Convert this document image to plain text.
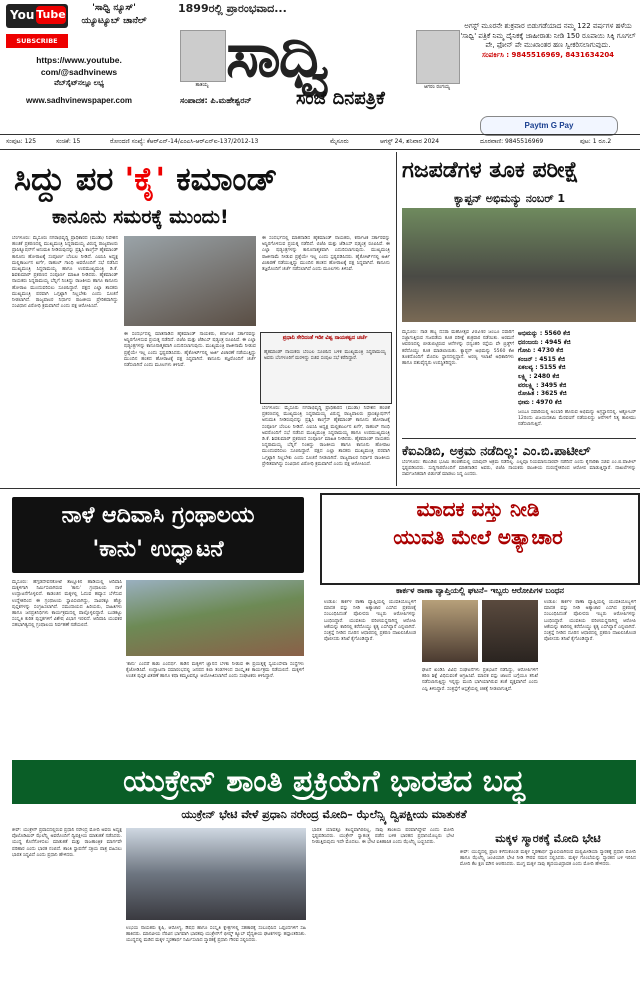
You Tube	'ಸಾಧ್ವಿ ನ್ಯೂಸ್' ಯ್ಯೂಟ್ಯೂಬ್ ಚಾನೆಲ್
SUBSCRIBE
https://www.youtube.
com/@sadhvinews
ವೆಬ್‌ಸೈಟ್‌ನಲ್ಲೂ ಲಭ್ಯ
www.sadhvinewspaper.com
1899ರಲ್ಲಿ ಪ್ರಾರಂಭವಾದ...
ತಾತಯ್ಯ ಸಾಧ್ವಿ	ಆಗರಂ ರಂಗಯ್ಯ
ಸಂಪಾದಕ: ಪಿ.ಮಹೇಶ್ವರನ್ ಸಂಜೆ ದಿನಪತ್ರಿಕೆ
ಅಗಸ್ಟ್ ಮೂರನೇ ಶುಕ್ರವಾರ ಬಿಡುಗಡೆಯಾದ ನಮ್ಮ 122 ವರ್ಷಗಳ ಹಳೆಯ 'ಸಾಧ್ವಿ' ಪತ್ರಿಕೆ ನಿಮ್ಮ ದೈನಿಕಕ್ಕೆ ಜಾಹೀರಾತು ನೀಡಿ 150 ರೂಪಾಯಿ ಸಿಕ್ಕಿ ಗೂಗಲ್ ಪೇ, ಫೋನ್ ಪೇ ಮುಖಾಂತರ ಹಣ ಸ್ವೀಕರಿಸಲಾಗುವುದು.
ಸಂಪರ್ಕಿಸಿ : 9845516969, 8431634204
Paytm G Pay
ಸಂಪುಟ: 125	ಸಂಚಿಕೆ: 15	ರೋಂದಣಿ ಸಂಖ್ಯೆ: ಕೆಆರ್‌ಎನ್-14/ಎಂಎಸಿ-ಆರ್‌ಎನ್‌ಐ-137/2012-13	ಮೈಸೂರು	ಆಗಸ್ಟ್ 24, ಶನಿವಾರ 2024	ದೂರವಾಣಿ: 9845516969	ಪುಟ: 1 ರೂ.2
ಸಿದ್ದು ಪರ 'ಕೈ' ಕಮಾಂಡ್
ಕಾನೂನು ಸಮರಕ್ಕೆ ಮುಂದು!
ಬೆಂಗಳೂರು: ಮೈಸೂರು ನಗರಾಭಿವೃದ್ಧಿ ಪ್ರಾಧಿಕಾರದ (ಮುಡಾ) ನಿವೇಶನ ಹಂಚಿಕೆ ಪ್ರಕರಣದಲ್ಲಿ ಮುಖ್ಯಮಂತ್ರಿ ಸಿದ್ದರಾಮಯ್ಯ ವಿರುದ್ಧ ರಾಜ್ಯಪಾಲರು ಪ್ರಾಸಿಕ್ಯೂಷನ್‌ಗೆ ಅನುಮತಿ ನೀಡಿರುವುದನ್ನು ಪ್ರಶ್ನಿಸಿ ಕಾಂಗ್ರೆಸ್ ಹೈಕಮಾಂಡ್ ಕಾನೂನು ಹೋರಾಟಕ್ಕೆ ಸಂಪೂರ್ಣ ಬೆಂಬಲ ನೀಡಿದೆ. ಎಐಸಿಸಿ ಅಧ್ಯಕ್ಷ ಮಲ್ಲಿಕಾರ್ಜುನ ಖರ್ಗೆ, ರಾಹುಲ್ ಗಾಂಧಿ ಅವರೊಂದಿಗೆ ಸಭೆ ನಡೆಸಿದ ಮುಖ್ಯಮಂತ್ರಿ ಸಿದ್ದರಾಮಯ್ಯ ಹಾಗೂ ಉಪಮುಖ್ಯಮಂತ್ರಿ ಡಿ.ಕೆ. ಶಿವಕುಮಾರ್ ಪ್ರಕರಣದ ಸಂಪೂರ್ಣ ಮಾಹಿತಿ ನೀಡಿದರು. ಹೈಕಮಾಂಡ್ ನಾಯಕರು ಸಿದ್ದರಾಮಯ್ಯ ಬೆನ್ನಿಗೆ ನಿಂತಿದ್ದು ರಾಜಕೀಯ ಹಾಗೂ ಕಾನೂನು ಹೋರಾಟ ಮುಂದುವರಿಸಲು ಸೂಚಿಸಿದ್ದಾರೆ. ಪಕ್ಷದ ಎಲ್ಲಾ ಶಾಸಕರು ಮುಖ್ಯಮಂತ್ರಿ ಪರವಾಗಿ ಒಗ್ಗಟ್ಟಾಗಿ ನಿಲ್ಲಬೇಕು ಎಂದು ಸೂಚನೆ ನೀಡಲಾಗಿದೆ. ರಾಜ್ಯಪಾಲರ ನಿರ್ಧಾರ ರಾಜಕೀಯ ಪ್ರೇರಿತವಾಗಿದ್ದು ಸಂವಿಧಾನ ವಿರೋಧಿ ಕ್ರಮವಾಗಿದೆ ಎಂದು ಪಕ್ಷ ಆರೋಪಿಸಿದೆ.
ಈ ಸಂದರ್ಭದಲ್ಲಿ ಮಾತನಾಡಿದ ಹೈಕಮಾಂಡ್ ನಾಯಕರು, ಕರ್ನಾಟಕ ಸರ್ಕಾರವನ್ನು ಅಸ್ಥಿರಗೊಳಿಸುವ ಪ್ರಯತ್ನ ನಡೆದಿದೆ. ಬಿಜೆಪಿ ಮತ್ತು ಜೆಡಿಎಸ್ ಷಡ್ಯಂತ್ರ ರೂಪಿಸಿವೆ. ಈ ಎಲ್ಲಾ ಷಡ್ಯಂತ್ರಗಳನ್ನು ಕಾನೂನಾತ್ಮಕವಾಗಿ ಎದುರಿಸಲಾಗುವುದು. ಮುಖ್ಯಮಂತ್ರಿ ರಾಜೀನಾಮೆ ನೀಡುವ ಪ್ರಶ್ನೆಯೇ ಇಲ್ಲ ಎಂದು ಸ್ಪಷ್ಟಪಡಿಸಿದರು. ಹೈಕೋರ್ಟ್‌ನಲ್ಲಿ ಅರ್ಜಿ ವಿಚಾರಣೆ ನಡೆಯುತ್ತಿದ್ದು ಮುಂದಿನ ಹಂತದ ಹೋರಾಟಕ್ಕೆ ಪಕ್ಷ ಸಿದ್ಧವಾಗಿದೆ. ಕಾನೂನು ತಜ್ಞರೊಂದಿಗೆ ಚರ್ಚೆ ನಡೆಸಲಾಗಿದೆ ಎಂದು ಮೂಲಗಳು ತಿಳಿಸಿವೆ.
ಈ ಸಂದರ್ಭದಲ್ಲಿ ಮಾತನಾಡಿದ ಹೈಕಮಾಂಡ್ ನಾಯಕರು, ಕರ್ನಾಟಕ ಸರ್ಕಾರವನ್ನು ಅಸ್ಥಿರಗೊಳಿಸುವ ಪ್ರಯತ್ನ ನಡೆದಿದೆ. ಬಿಜೆಪಿ ಮತ್ತು ಜೆಡಿಎಸ್ ಷಡ್ಯಂತ್ರ ರೂಪಿಸಿವೆ. ಈ ಎಲ್ಲಾ ಷಡ್ಯಂತ್ರಗಳನ್ನು ಕಾನೂನಾತ್ಮಕವಾಗಿ ಎದುರಿಸಲಾಗುವುದು. ಮುಖ್ಯಮಂತ್ರಿ ರಾಜೀನಾಮೆ ನೀಡುವ ಪ್ರಶ್ನೆಯೇ ಇಲ್ಲ ಎಂದು ಸ್ಪಷ್ಟಪಡಿಸಿದರು. ಹೈಕೋರ್ಟ್‌ನಲ್ಲಿ ಅರ್ಜಿ ವಿಚಾರಣೆ ನಡೆಯುತ್ತಿದ್ದು ಮುಂದಿನ ಹಂತದ ಹೋರಾಟಕ್ಕೆ ಪಕ್ಷ ಸಿದ್ಧವಾಗಿದೆ. ಕಾನೂನು ತಜ್ಞರೊಂದಿಗೆ ಚರ್ಚೆ ನಡೆಸಲಾಗಿದೆ ಎಂದು ಮೂಲಗಳು ತಿಳಿಸಿವೆ.
ಪ್ರಧಾನಿ ಸೇರಿದಂತೆ ಇಡೀ ವಿಶ್ವ ನಾಯಕತ್ವದ ಚರ್ಚೆ
ಹೈಕಮಾಂಡ್ ನಾಯಕರು ಬೆಂಬಲ ಸೂಚಿಸಿದ ಬಳಿಕ ಮುಖ್ಯಮಂತ್ರಿ ಸಿದ್ದರಾಮಯ್ಯ ಅವರು ಬೆಂಗಳೂರಿಗೆ ಮರಳಿದ್ದು ಸಚಿವ ಸಂಪುಟ ಸಭೆ ಕರೆದಿದ್ದಾರೆ.
ಬೆಂಗಳೂರು: ಮೈಸೂರು ನಗರಾಭಿವೃದ್ಧಿ ಪ್ರಾಧಿಕಾರದ (ಮುಡಾ) ನಿವೇಶನ ಹಂಚಿಕೆ ಪ್ರಕರಣದಲ್ಲಿ ಮುಖ್ಯಮಂತ್ರಿ ಸಿದ್ದರಾಮಯ್ಯ ವಿರುದ್ಧ ರಾಜ್ಯಪಾಲರು ಪ್ರಾಸಿಕ್ಯೂಷನ್‌ಗೆ ಅನುಮತಿ ನೀಡಿರುವುದನ್ನು ಪ್ರಶ್ನಿಸಿ ಕಾಂಗ್ರೆಸ್ ಹೈಕಮಾಂಡ್ ಕಾನೂನು ಹೋರಾಟಕ್ಕೆ ಸಂಪೂರ್ಣ ಬೆಂಬಲ ನೀಡಿದೆ. ಎಐಸಿಸಿ ಅಧ್ಯಕ್ಷ ಮಲ್ಲಿಕಾರ್ಜುನ ಖರ್ಗೆ, ರಾಹುಲ್ ಗಾಂಧಿ ಅವರೊಂದಿಗೆ ಸಭೆ ನಡೆಸಿದ ಮುಖ್ಯಮಂತ್ರಿ ಸಿದ್ದರಾಮಯ್ಯ ಹಾಗೂ ಉಪಮುಖ್ಯಮಂತ್ರಿ ಡಿ.ಕೆ. ಶಿವಕುಮಾರ್ ಪ್ರಕರಣದ ಸಂಪೂರ್ಣ ಮಾಹಿತಿ ನೀಡಿದರು. ಹೈಕಮಾಂಡ್ ನಾಯಕರು ಸಿದ್ದರಾಮಯ್ಯ ಬೆನ್ನಿಗೆ ನಿಂತಿದ್ದು ರಾಜಕೀಯ ಹಾಗೂ ಕಾನೂನು ಹೋರಾಟ ಮುಂದುವರಿಸಲು ಸೂಚಿಸಿದ್ದಾರೆ. ಪಕ್ಷದ ಎಲ್ಲಾ ಶಾಸಕರು ಮುಖ್ಯಮಂತ್ರಿ ಪರವಾಗಿ ಒಗ್ಗಟ್ಟಾಗಿ ನಿಲ್ಲಬೇಕು ಎಂದು ಸೂಚನೆ ನೀಡಲಾಗಿದೆ. ರಾಜ್ಯಪಾಲರ ನಿರ್ಧಾರ ರಾಜಕೀಯ ಪ್ರೇರಿತವಾಗಿದ್ದು ಸಂವಿಧಾನ ವಿರೋಧಿ ಕ್ರಮವಾಗಿದೆ ಎಂದು ಪಕ್ಷ ಆರೋಪಿಸಿದೆ.
ಗಜಪಡೆಗಳ ತೂಕ ಪರೀಕ್ಷೆ
ಕ್ಯಾಪ್ಟನ್ ಅಭಿಮನ್ಯು ನಂಬರ್ 1
ಮೈಸೂರು: ನಾಡ ಹಬ್ಬ ದಸರಾ ಮಹೋತ್ಸವ 2024ರ ಜಂಬೂ ಸವಾರಿಗೆ ಸಜ್ಜಾಗುತ್ತಿರುವ ಗಜಪಡೆಯ ತೂಕ ಪರೀಕ್ಷೆ ಶುಕ್ರವಾರ ನಡೆಯಿತು. ಅರಮನೆ ಆವರಣದಲ್ಲಿ ಬೀಡುಬಿಟ್ಟಿರುವ ಆನೆಗಳನ್ನು ಧನ್ವಂತರಿ ರಸ್ತೆಯ ವೇ ಬ್ರಿಡ್ಜ್‌ಗೆ ಕರೆದೊಯ್ದು ತೂಕ ಮಾಡಲಾಯಿತು. ಕ್ಯಾಪ್ಟನ್ ಅಭಿಮನ್ಯು 5560 ಕೆಜಿ ತೂಕದೊಂದಿಗೆ ಮೊದಲ ಸ್ಥಾನದಲ್ಲಿದ್ದಾನೆ. ಅರಣ್ಯ ಇಲಾಖೆ ಅಧಿಕಾರಿಗಳು ಹಾಗೂ ಪಶುವೈದ್ಯರು ಉಪಸ್ಥಿತರಿದ್ದರು.
ಅಭಿಮನ್ಯು : 5560 ಕೆಜಿ
ಧನಂಜಯ : 4945 ಕೆಜಿ
ಗೋಪಿ : 4730 ಕೆಜಿ
ಕಂಜನ್ : 4515 ಕೆಜಿ
ಏಕಲವ್ಯ : 5155 ಕೆಜಿ
ಲಕ್ಷ್ಮಿ : 2480 ಕೆಜಿ
ವರಲಕ್ಷ್ಮಿ : 3495 ಕೆಜಿ
ರೋಹಿತ : 3625 ಕೆಜಿ
ಭೀಮ : 4970 ಕೆಜಿ
ಜಂಬೂ ಸವಾರಿಯಲ್ಲಿ ಅಂಬಾರಿ ಹೊರುವ ಅಭಿಮನ್ಯು ಅಗ್ರಸ್ಥಾನದಲ್ಲಿ. ಅಕ್ಟೋಬರ್ 12ರಂದು ವಿಜಯದಶಮಿ ಮೆರವಣಿಗೆ ನಡೆಯಲಿದ್ದು ಆನೆಗಳಿಗೆ ನಿತ್ಯ ತಾಲೀಮು ನಡೆಸಲಾಗುತ್ತಿದೆ.
ಕೆಐಎಡಿಬಿ, ಅಕ್ರಮ ನಡೆದಿಲ್ಲ: ಎಂ.ಬಿ.ಪಾಟೀಲ್
ಬೆಂಗಳೂರು: ಕೆಐಎಡಿಬಿ ಭೂಮಿ ಹಂಚಿಕೆಯಲ್ಲಿ ಯಾವುದೇ ಅಕ್ರಮ ನಡೆದಿಲ್ಲ. ಎಲ್ಲವೂ ನಿಯಮಾನುಸಾರವೇ ನಡೆದಿದೆ ಎಂದು ಕೈಗಾರಿಕಾ ಸಚಿವ ಎಂ.ಬಿ.ಪಾಟೀಲ್ ಸ್ಪಷ್ಟಪಡಿಸಿದರು. ಸುದ್ದಿಗಾರರೊಂದಿಗೆ ಮಾತನಾಡಿದ ಅವರು, ಬಿಜೆಪಿ ನಾಯಕರು ರಾಜಕೀಯ ದುರುದ್ದೇಶದಿಂದ ಆರೋಪ ಮಾಡುತ್ತಿದ್ದಾರೆ. ದಾಖಲೆಗಳನ್ನು ಸಾರ್ವಜನಿಕವಾಗಿ ಬಿಡುಗಡೆ ಮಾಡಲು ಸಿದ್ಧ ಎಂದರು.
ನಾಳೆ ಆದಿವಾಸಿ ಗ್ರಂಥಾಲಯ
'ಕಾನು' ಉದ್ಘಾಟನೆ
ಮೈಸೂರು: ಹೆಗ್ಗಡದೇವನಕೋಟೆ ತಾಲ್ಲೂಕಿನ ಹಾಡಿಯಲ್ಲಿ ಆದಿವಾಸಿ ಮಕ್ಕಳಿಗಾಗಿ ನಿರ್ಮಿಸಲಾಗಿರುವ 'ಕಾನು' ಗ್ರಂಥಾಲಯ ನಾಳೆ ಉದ್ಘಾಟನೆಗೊಳ್ಳಲಿದೆ. ಕಾಡಂಚಿನ ಮಕ್ಕಳಲ್ಲಿ ಓದುವ ಹವ್ಯಾಸ ಬೆಳೆಸುವ ಉದ್ದೇಶದಿಂದ ಈ ಗ್ರಂಥಾಲಯ ಸ್ಥಾಪಿಸಲಾಗಿದ್ದು, ಸಾವಿರಕ್ಕೂ ಹೆಚ್ಚು ಪುಸ್ತಕಗಳನ್ನು ಸಂಗ್ರಹಿಸಲಾಗಿದೆ. ಸಮುದಾಯದ ಹಿರಿಯರು, ಸಾಹಿತಿಗಳು ಹಾಗೂ ಜನಪ್ರತಿನಿಧಿಗಳು ಕಾರ್ಯಕ್ರಮದಲ್ಲಿ ಪಾಲ್ಗೊಳ್ಳಲಿದ್ದಾರೆ. ಬುಡಕಟ್ಟು ಸಂಸ್ಕೃತಿ ಕುರಿತ ಪುಸ್ತಕಗಳಿಗೆ ವಿಶೇಷ ವಿಭಾಗ ಇರಲಿದೆ. ಆದಿವಾಸಿ ಯುವಕರ ಸಹಭಾಗಿತ್ವದಲ್ಲಿ ಗ್ರಂಥಾಲಯ ನಿರ್ವಹಣೆ ನಡೆಯಲಿದೆ.
'ಕಾನು' ಎಂದರೆ ಕಾಡು ಎಂದರ್ಥ. ಕಾಡಿನ ಮಕ್ಕಳಿಗೆ ಜ್ಞಾನದ ಬೆಳಕು ನೀಡುವ ಈ ಪ್ರಯತ್ನಕ್ಕೆ ಸ್ವಯಂಸೇವಾ ಸಂಸ್ಥೆಗಳು ಕೈಜೋಡಿಸಿವೆ. ಉದ್ಘಾಟನಾ ಸಮಾರಂಭದಲ್ಲಿ ಜನಪದ ಕಲಾ ತಂಡಗಳಿಂದ ಸಾಂಸ್ಕೃತಿಕ ಕಾರ್ಯಕ್ರಮ ನಡೆಯಲಿದೆ. ಮಕ್ಕಳಿಗೆ ಉಚಿತ ಪುಸ್ತಕ ವಿತರಣೆ ಹಾಗೂ ಕಥಾ ಕಮ್ಮಟವನ್ನೂ ಆಯೋಜಿಸಲಾಗಿದೆ ಎಂದು ಸಂಘಟಕರು ತಿಳಿಸಿದ್ದಾರೆ.
ಮಾದಕ ವಸ್ತು ನೀಡಿ
ಯುವತಿ ಮೇಲೆ ಅತ್ಯಾಚಾರ
ಕಾರ್ಕಳ ಠಾಣಾ ವ್ಯಾಪ್ತಿಯಲ್ಲಿ ಘಟನೆ– ಇಬ್ಬರು ಆರೋಪಿಗಳ ಬಂಧನ
ಉಡುಪಿ: ಕಾರ್ಕಳ ಠಾಣಾ ವ್ಯಾಪ್ತಿಯಲ್ಲಿ ಯುವತಿಯೊಬ್ಬಳಿಗೆ ಮಾದಕ ವಸ್ತು ನೀಡಿ ಅತ್ಯಾಚಾರ ಎಸಗಿದ ಪ್ರಕರಣಕ್ಕೆ ಸಂಬಂಧಿಸಿದಂತೆ ಪೊಲೀಸರು ಇಬ್ಬರು ಆರೋಪಿಗಳನ್ನು ಬಂಧಿಸಿದ್ದಾರೆ. ಯುವತಿಯ ಪರಿಚಯಸ್ಥನಾಗಿದ್ದ ಆರೋಪಿ ಆಕೆಯನ್ನು ಕಾರಿನಲ್ಲಿ ಕರೆದೊಯ್ದು ಕೃತ್ಯ ಎಸಗಿದ್ದಾನೆ ಎನ್ನಲಾಗಿದೆ. ಸಂತ್ರಸ್ತೆ ನೀಡಿದ ದೂರಿನ ಆಧಾರದಲ್ಲಿ ಪ್ರಕರಣ ದಾಖಲಿಸಿಕೊಂಡ ಪೊಲೀಸರು ತನಿಖೆ ಕೈಗೊಂಡಿದ್ದಾರೆ.
ಘಟನೆ ಖಂಡಿಸಿ ವಿವಿಧ ಸಂಘಟನೆಗಳು ಪ್ರತಿಭಟನೆ ನಡೆಸಿದ್ದು, ಆರೋಪಿಗಳಿಗೆ ಕಠಿಣ ಶಿಕ್ಷೆ ವಿಧಿಸುವಂತೆ ಆಗ್ರಹಿಸಿವೆ. ಮಾದಕ ವಸ್ತು ಜಾಲದ ಬಗ್ಗೆಯೂ ತನಿಖೆ ನಡೆಸಲಾಗುತ್ತಿದ್ದು ಇನ್ನಷ್ಟು ಮಂದಿ ಭಾಗಿಯಾಗಿರುವ ಶಂಕೆ ವ್ಯಕ್ತವಾಗಿದೆ ಎಂದು ಎಸ್ಪಿ ತಿಳಿಸಿದ್ದಾರೆ. ಸಂತ್ರಸ್ತೆಗೆ ಆಸ್ಪತ್ರೆಯಲ್ಲಿ ಚಿಕಿತ್ಸೆ ನೀಡಲಾಗುತ್ತಿದೆ.
ಉಡುಪಿ: ಕಾರ್ಕಳ ಠಾಣಾ ವ್ಯಾಪ್ತಿಯಲ್ಲಿ ಯುವತಿಯೊಬ್ಬಳಿಗೆ ಮಾದಕ ವಸ್ತು ನೀಡಿ ಅತ್ಯಾಚಾರ ಎಸಗಿದ ಪ್ರಕರಣಕ್ಕೆ ಸಂಬಂಧಿಸಿದಂತೆ ಪೊಲೀಸರು ಇಬ್ಬರು ಆರೋಪಿಗಳನ್ನು ಬಂಧಿಸಿದ್ದಾರೆ. ಯುವತಿಯ ಪರಿಚಯಸ್ಥನಾಗಿದ್ದ ಆರೋಪಿ ಆಕೆಯನ್ನು ಕಾರಿನಲ್ಲಿ ಕರೆದೊಯ್ದು ಕೃತ್ಯ ಎಸಗಿದ್ದಾನೆ ಎನ್ನಲಾಗಿದೆ. ಸಂತ್ರಸ್ತೆ ನೀಡಿದ ದೂರಿನ ಆಧಾರದಲ್ಲಿ ಪ್ರಕರಣ ದಾಖಲಿಸಿಕೊಂಡ ಪೊಲೀಸರು ತನಿಖೆ ಕೈಗೊಂಡಿದ್ದಾರೆ.
ಯುಕ್ರೇನ್ ಶಾಂತಿ ಪ್ರಕ್ರಿಯೆಗೆ ಭಾರತದ ಬದ್ಧ
ಯುಕ್ರೇನ್ ಭೇಟಿ ವೇಳೆ ಪ್ರಧಾನಿ ನರೇಂದ್ರ ಮೋದಿ– ಝೆಲೆನ್ಸ್ಕಿ ದ್ವಿಪಕ್ಷೀಯ ಮಾತುಕತೆ
ಕೀವ್: ಯುಕ್ರೇನ್ ಪ್ರವಾಸದಲ್ಲಿರುವ ಪ್ರಧಾನಿ ನರೇಂದ್ರ ಮೋದಿ ಅವರು ಅಧ್ಯಕ್ಷ ವೊಲೊಡಿಮಿರ್ ಝೆಲೆನ್ಸ್ಕಿ ಅವರೊಂದಿಗೆ ದ್ವಿಪಕ್ಷೀಯ ಮಾತುಕತೆ ನಡೆಸಿದರು. ಯುದ್ಧ ಕೊನೆಗೊಳಿಸಲು ಮಾತುಕತೆ ಮತ್ತು ರಾಜತಾಂತ್ರಿಕ ಮಾರ್ಗವೇ ಪರಿಹಾರ ಎಂದು ಭಾರತ ನಂಬಿದೆ. ಶಾಂತಿ ಸ್ಥಾಪನೆಗೆ ಸಕ್ರಿಯ ಪಾತ್ರ ವಹಿಸಲು ಭಾರತ ಸಿದ್ಧವಿದೆ ಎಂದು ಪ್ರಧಾನಿ ಹೇಳಿದರು.
ಉಭಯ ನಾಯಕರು ಕೃಷಿ, ಆರೋಗ್ಯ, ಔಷಧ ಹಾಗೂ ಸಂಸ್ಕೃತಿ ಕ್ಷೇತ್ರಗಳಲ್ಲಿ ಸಹಕಾರಕ್ಕೆ ಸಂಬಂಧಿಸಿದ ಒಪ್ಪಂದಗಳಿಗೆ ಸಹಿ ಹಾಕಿದರು. ಮಾನವೀಯ ನೆರವಿನ ಭಾಗವಾಗಿ ಭಾರತವು ಯುಕ್ರೇನ್‌ಗೆ ಭೀಷ್ಮ್ ಕ್ಯೂಬ್ ವೈದ್ಯಕೀಯ ಘಟಕಗಳನ್ನು ಹಸ್ತಾಂತರಿಸಿತು. ಯುದ್ಧದಲ್ಲಿ ಮಡಿದ ಮಕ್ಕಳ ಸ್ಮರಣಾರ್ಥ ನಿರ್ಮಿಸಲಾದ ಸ್ಮಾರಕಕ್ಕೆ ಪ್ರಧಾನಿ ಗೌರವ ಸಲ್ಲಿಸಿದರು.
ಭಾರತ ಯಾವತ್ತೂ ತಟಸ್ಥವಾಗಿರಲಿಲ್ಲ, ನಾವು ಶಾಂತಿಯ ಪರವಾಗಿದ್ದೇವೆ ಎಂದು ಮೋದಿ ಸ್ಪಷ್ಟಪಡಿಸಿದರು. ಯುಕ್ರೇನ್ ಸ್ವಾತಂತ್ರ್ಯ ಪಡೆದ ಬಳಿಕ ಭಾರತದ ಪ್ರಧಾನಿಯೊಬ್ಬರು ಭೇಟಿ ನೀಡುತ್ತಿರುವುದು ಇದೇ ಮೊದಲು. ಈ ಭೇಟಿ ಐತಿಹಾಸಿಕ ಎಂದು ಝೆಲೆನ್ಸ್ಕಿ ಬಣ್ಣಿಸಿದರು.	ಮಕ್ಕಳ ಸ್ಮಾರಕಕ್ಕೆ ಮೋದಿ ಭೇಟಿ
ಕೀವ್: ಯುದ್ಧದಲ್ಲಿ ಪ್ರಾಣ ಕಳೆದುಕೊಂಡ ಮಕ್ಕಳ ಸ್ಮರಣಾರ್ಥ ಸ್ಥಾಪಿಸಲಾಗಿರುವ ಮಲ್ಟಿಮೀಡಿಯಾ ಸ್ಮಾರಕಕ್ಕೆ ಪ್ರಧಾನಿ ಮೋದಿ ಹಾಗೂ ಝೆಲೆನ್ಸ್ಕಿ ಜಂಟಿಯಾಗಿ ಭೇಟಿ ನೀಡಿ ಗೌರವ ನಮನ ಸಲ್ಲಿಸಿದರು. ಮಕ್ಕಳ ಗೊಂಬೆಯನ್ನು ಸ್ಮಾರಕದ ಬಳಿ ಇರಿಸಿದ ಮೋದಿ ಕೆಲ ಕ್ಷಣ ಮೌನ ಆಚರಿಸಿದರು. ಮುಗ್ಧ ಮಕ್ಕಳ ಸಾವು ಹೃದಯವಿದ್ರಾವಕ ಎಂದು ಮೋದಿ ಹೇಳಿದರು.
